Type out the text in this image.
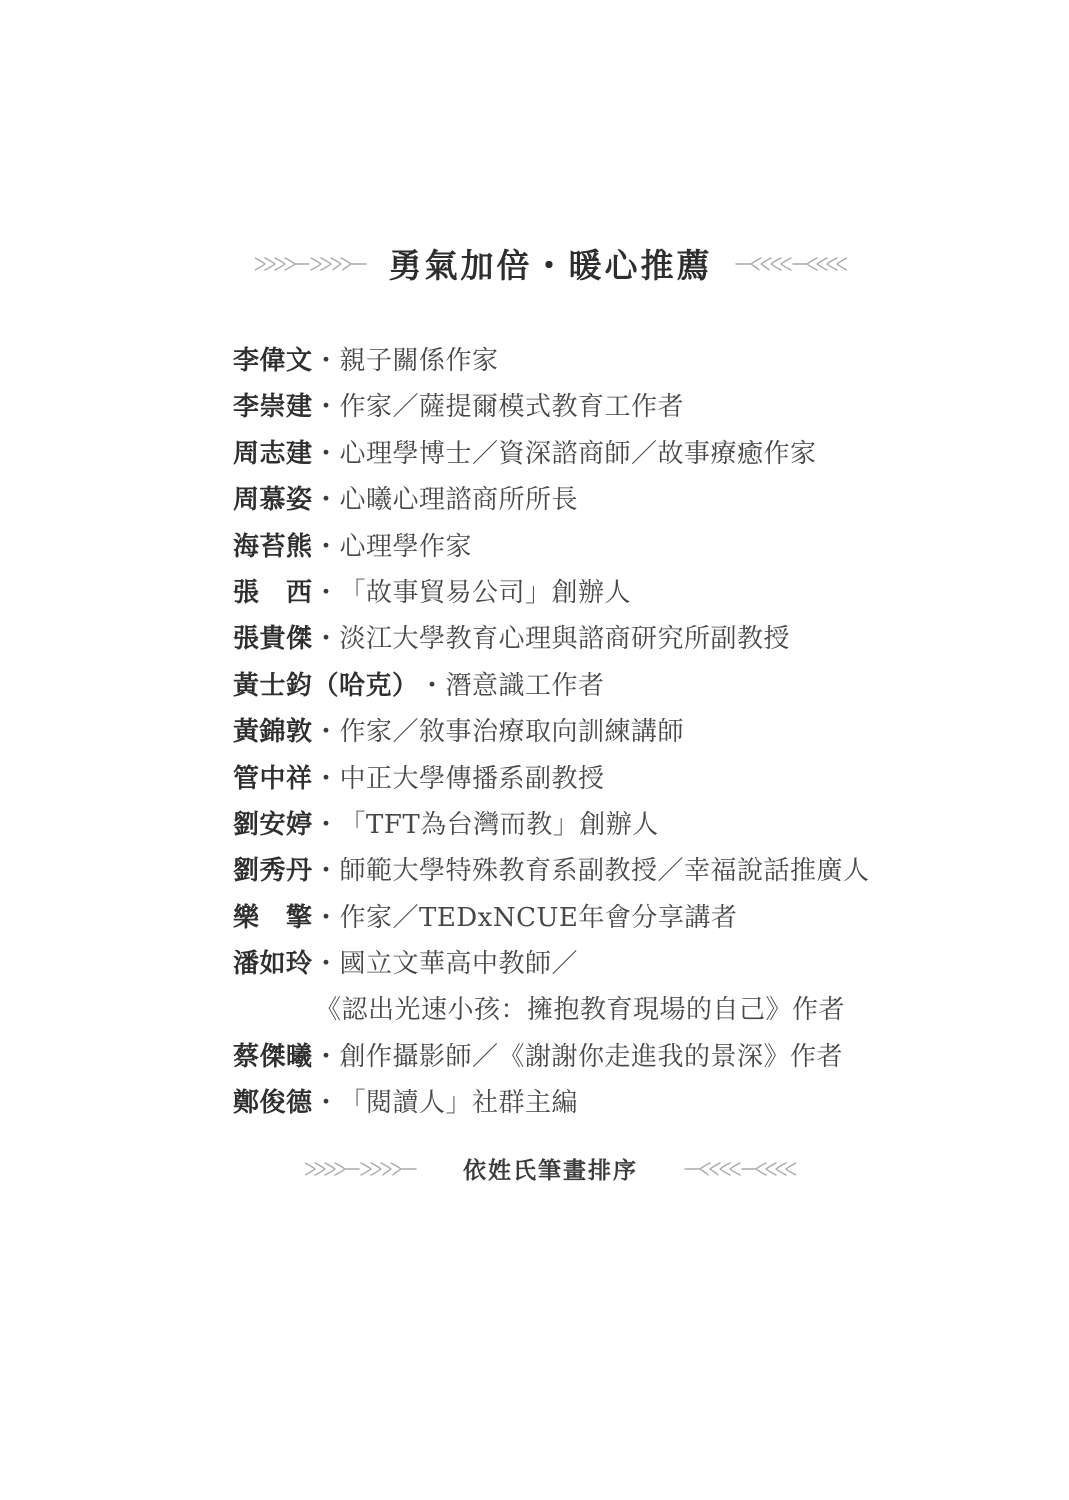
勇氣加倍・暖心推薦
李偉文・親子關係作家
李崇建・作家／薩提爾模式教育工作者
周志建・心理學博士／資深諮商師／故事療癒作家
周慕姿・心曦心理諮商所所長
海苔熊・心理學作家
張　西・「故事貿易公司」創辦人
張貴傑・淡江大學教育心理與諮商研究所副教授
黃士鈞（哈克）・潛意識工作者
黃錦敦・作家／敘事治療取向訓練講師
管中祥・中正大學傳播系副教授
劉安婷・「TFT為台灣而教」創辦人
劉秀丹・師範大學特殊教育系副教授／幸福說話推廣人
樂　擎・作家／TEDxNCUE年會分享講者
潘如玲・國立文華高中教師／
《認出光速小孩：擁抱教育現場的自己》作者
蔡傑曦・創作攝影師／《謝謝你走進我的景深》作者
鄭俊德・「閱讀人」社群主編
依姓氏筆畫排序
